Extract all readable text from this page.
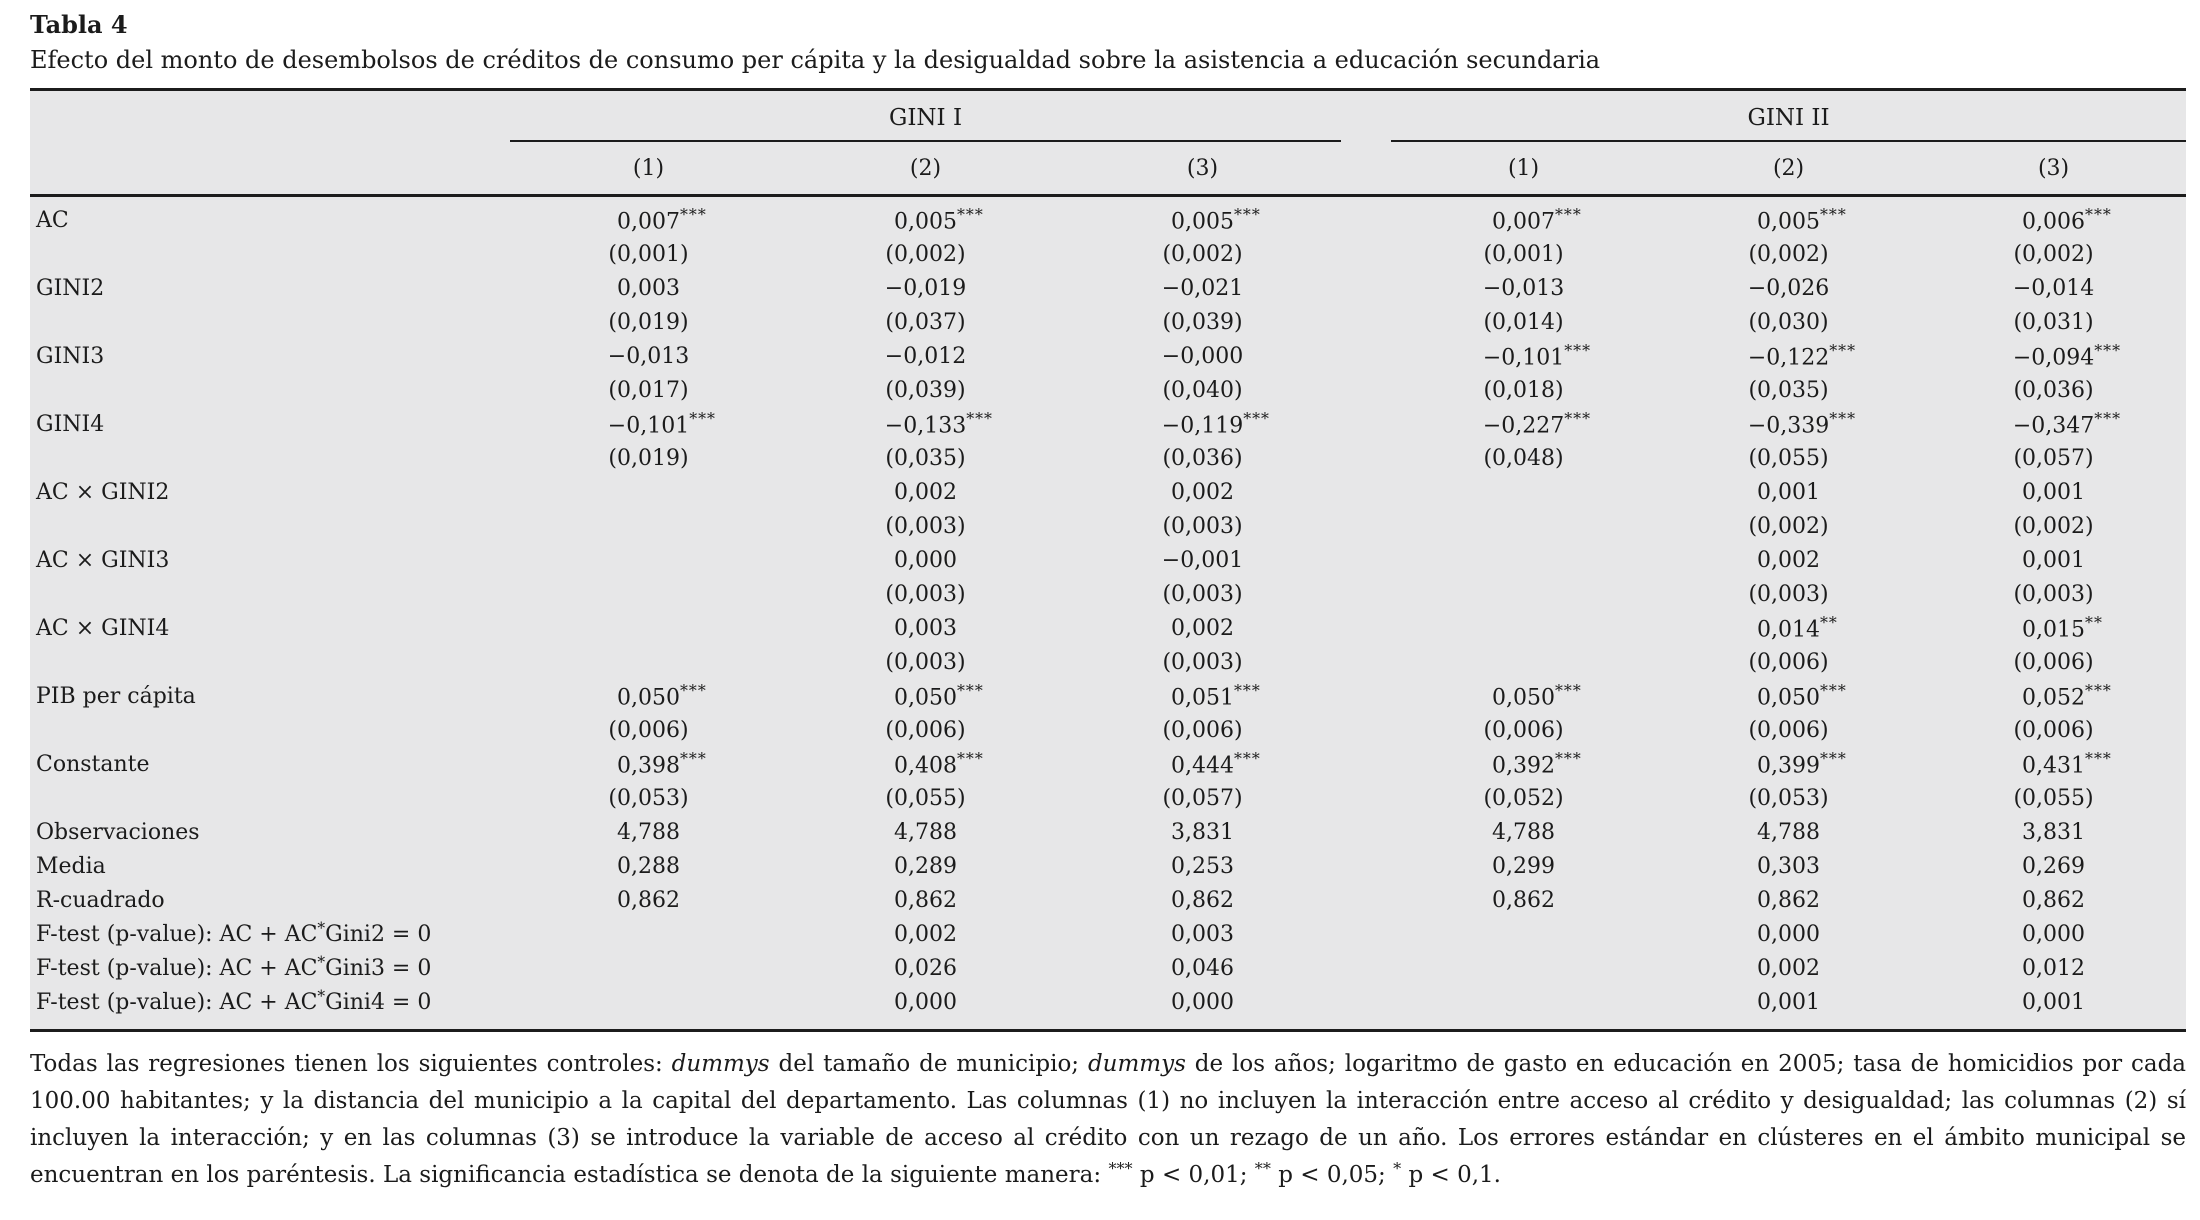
Tabla 4
Efecto del monto de desembolsos de créditos de consumo per cápita y la desigualdad sobre la asistencia a educación secundaria
	GINI I				GINI II		
	(1)	(2)	(3)		(1)	(2)	(3)
AC	0,007***	0,005***	0,005***		0,007***	0,005***	0,006***
	(0,001)	(0,002)	(0,002)		(0,001)	(0,002)	(0,002)
GINI2	0,003	−0,019	−0,021		−0,013	−0,026	−0,014
	(0,019)	(0,037)	(0,039)		(0,014)	(0,030)	(0,031)
GINI3	−0,013	−0,012	−0,000		−0,101***	−0,122***	−0,094***
	(0,017)	(0,039)	(0,040)		(0,018)	(0,035)	(0,036)
GINI4	−0,101***	−0,133***	−0,119***		−0,227***	−0,339***	−0,347***
	(0,019)	(0,035)	(0,036)		(0,048)	(0,055)	(0,057)
AC × GINI2		0,002	0,002			0,001	0,001
		(0,003)	(0,003)			(0,002)	(0,002)
AC × GINI3		0,000	−0,001			0,002	0,001
		(0,003)	(0,003)			(0,003)	(0,003)
AC × GINI4		0,003	0,002			0,014**	0,015**
		(0,003)	(0,003)			(0,006)	(0,006)
PIB per cápita	0,050***	0,050***	0,051***		0,050***	0,050***	0,052***
	(0,006)	(0,006)	(0,006)		(0,006)	(0,006)	(0,006)
Constante	0,398***	0,408***	0,444***		0,392***	0,399***	0,431***
	(0,053)	(0,055)	(0,057)		(0,052)	(0,053)	(0,055)
Observaciones	4,788	4,788	3,831		4,788	4,788	3,831
Media	0,288	0,289	0,253		0,299	0,303	0,269
R-cuadrado	0,862	0,862	0,862		0,862	0,862	0,862
F-test (p-value): AC + AC*Gini2 = 0		0,002	0,003			0,000	0,000
F-test (p-value): AC + AC*Gini3 = 0		0,026	0,046			0,002	0,012
F-test (p-value): AC + AC*Gini4 = 0		0,000	0,000			0,001	0,001
Todas las regresiones tienen los siguientes controles: dummys del tamaño de municipio; dummys de los años; logaritmo de gasto en educación en 2005; tasa de homicidios por cada 100.00 habitantes; y la distancia del municipio a la capital del departamento. Las columnas (1) no incluyen la interacción entre acceso al crédito y desigualdad; las columnas (2) sí incluyen la interacción; y en las columnas (3) se introduce la variable de acceso al crédito con un rezago de un año. Los errores estándar en clústeres en el ámbito municipal se encuentran en los paréntesis. La significancia estadística se denota de la siguiente manera: *** p < 0,01; ** p < 0,05; * p < 0,1.
